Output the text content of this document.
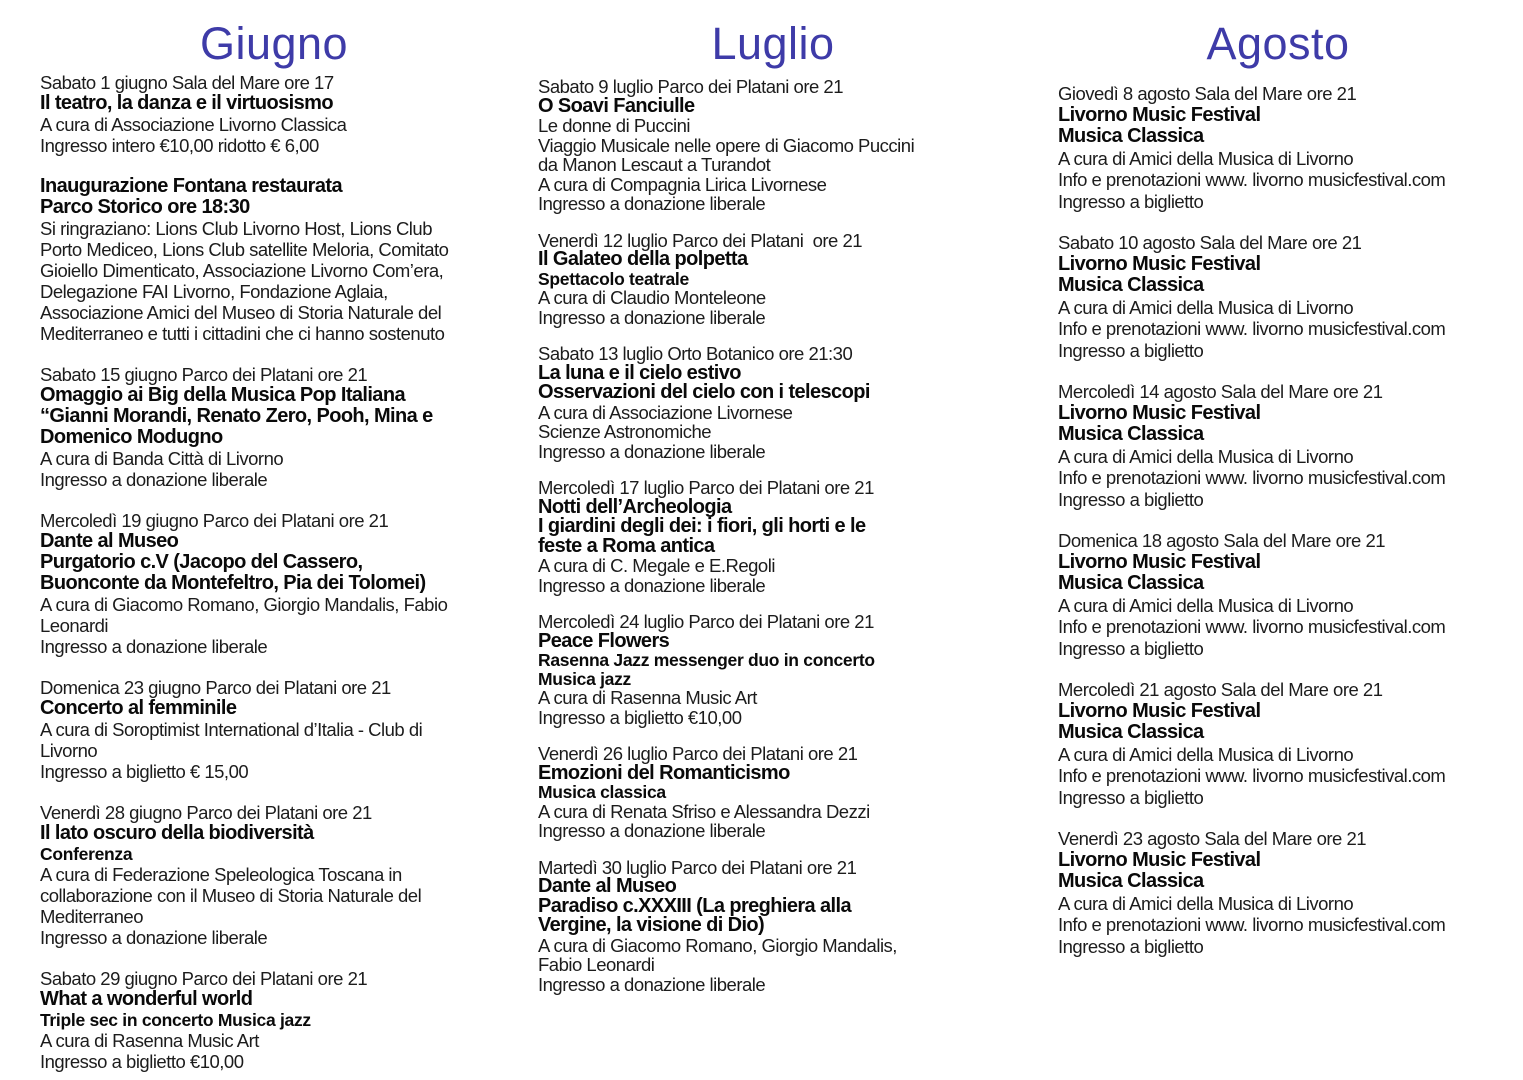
Giugno
Sabato 1 giugno Sala del Mare ore 17
Il teatro, la danza e il virtuosismo
A cura di Associazione Livorno Classica
Ingresso intero €10,00 ridotto € 6,00
Inaugurazione Fontana restaurata
Parco Storico ore 18:30
Si ringraziano: Lions Club Livorno Host, Lions Club
Porto Mediceo, Lions Club satellite Meloria, Comitato
Gioiello Dimenticato, Associazione Livorno Com’era,
Delegazione FAI Livorno, Fondazione Aglaia,
Associazione Amici del Museo di Storia Naturale del
Mediterraneo e tutti i cittadini che ci hanno sostenuto
Sabato 15 giugno Parco dei Platani ore 21
Omaggio ai Big della Musica Pop Italiana
“Gianni Morandi, Renato Zero, Pooh, Mina e
Domenico Modugno
A cura di Banda Città di Livorno
Ingresso a donazione liberale
Mercoledì 19 giugno Parco dei Platani ore 21
Dante al Museo
Purgatorio c.V (Jacopo del Cassero,
Buonconte da Montefeltro, Pia dei Tolomei)
A cura di Giacomo Romano, Giorgio Mandalis, Fabio
Leonardi
Ingresso a donazione liberale
Domenica 23 giugno Parco dei Platani ore 21
Concerto al femminile
A cura di Soroptimist International d’Italia - Club di
Livorno
Ingresso a biglietto € 15,00
Venerdì 28 giugno Parco dei Platani ore 21
Il lato oscuro della biodiversità
Conferenza
A cura di Federazione Speleologica Toscana in
collaborazione con il Museo di Storia Naturale del
Mediterraneo
Ingresso a donazione liberale
Sabato 29 giugno Parco dei Platani ore 21
What a wonderful world
Triple sec in concerto Musica jazz
A cura di Rasenna Music Art
Ingresso a biglietto €10,00
Luglio
Sabato 9 luglio Parco dei Platani ore 21
O Soavi Fanciulle
Le donne di Puccini
Viaggio Musicale nelle opere di Giacomo Puccini
da Manon Lescaut a Turandot
A cura di Compagnia Lirica Livornese
Ingresso a donazione liberale
Venerdì 12 luglio Parco dei Platani  ore 21
Il Galateo della polpetta
Spettacolo teatrale
A cura di Claudio Monteleone
Ingresso a donazione liberale
Sabato 13 luglio Orto Botanico ore 21:30
La luna e il cielo estivo
Osservazioni del cielo con i telescopi
A cura di Associazione Livornese
Scienze Astronomiche
Ingresso a donazione liberale
Mercoledì 17 luglio Parco dei Platani ore 21
Notti dell’Archeologia
I giardini degli dei: i fiori, gli horti e le
feste a Roma antica
A cura di C. Megale e E.Regoli
Ingresso a donazione liberale
Mercoledì 24 luglio Parco dei Platani ore 21
Peace Flowers
Rasenna Jazz messenger duo in concerto
Musica jazz
A cura di Rasenna Music Art
Ingresso a biglietto €10,00
Venerdì 26 luglio Parco dei Platani ore 21
Emozioni del Romanticismo
Musica classica
A cura di Renata Sfriso e Alessandra Dezzi
Ingresso a donazione liberale
Martedì 30 luglio Parco dei Platani ore 21
Dante al Museo
Paradiso c.XXXIII (La preghiera alla
Vergine, la visione di Dio)
A cura di Giacomo Romano, Giorgio Mandalis,
Fabio Leonardi
Ingresso a donazione liberale
Agosto
Giovedì 8 agosto Sala del Mare ore 21
Livorno Music Festival
Musica Classica
A cura di Amici della Musica di Livorno
Info e prenotazioni www. livorno musicfestival.com
Ingresso a biglietto
Sabato 10 agosto Sala del Mare ore 21
Livorno Music Festival
Musica Classica
A cura di Amici della Musica di Livorno
Info e prenotazioni www. livorno musicfestival.com
Ingresso a biglietto
Mercoledì 14 agosto Sala del Mare ore 21
Livorno Music Festival
Musica Classica
A cura di Amici della Musica di Livorno
Info e prenotazioni www. livorno musicfestival.com
Ingresso a biglietto
Domenica 18 agosto Sala del Mare ore 21
Livorno Music Festival
Musica Classica
A cura di Amici della Musica di Livorno
Info e prenotazioni www. livorno musicfestival.com
Ingresso a biglietto
Mercoledì 21 agosto Sala del Mare ore 21
Livorno Music Festival
Musica Classica
A cura di Amici della Musica di Livorno
Info e prenotazioni www. livorno musicfestival.com
Ingresso a biglietto
Venerdì 23 agosto Sala del Mare ore 21
Livorno Music Festival
Musica Classica
A cura di Amici della Musica di Livorno
Info e prenotazioni www. livorno musicfestival.com
Ingresso a biglietto
